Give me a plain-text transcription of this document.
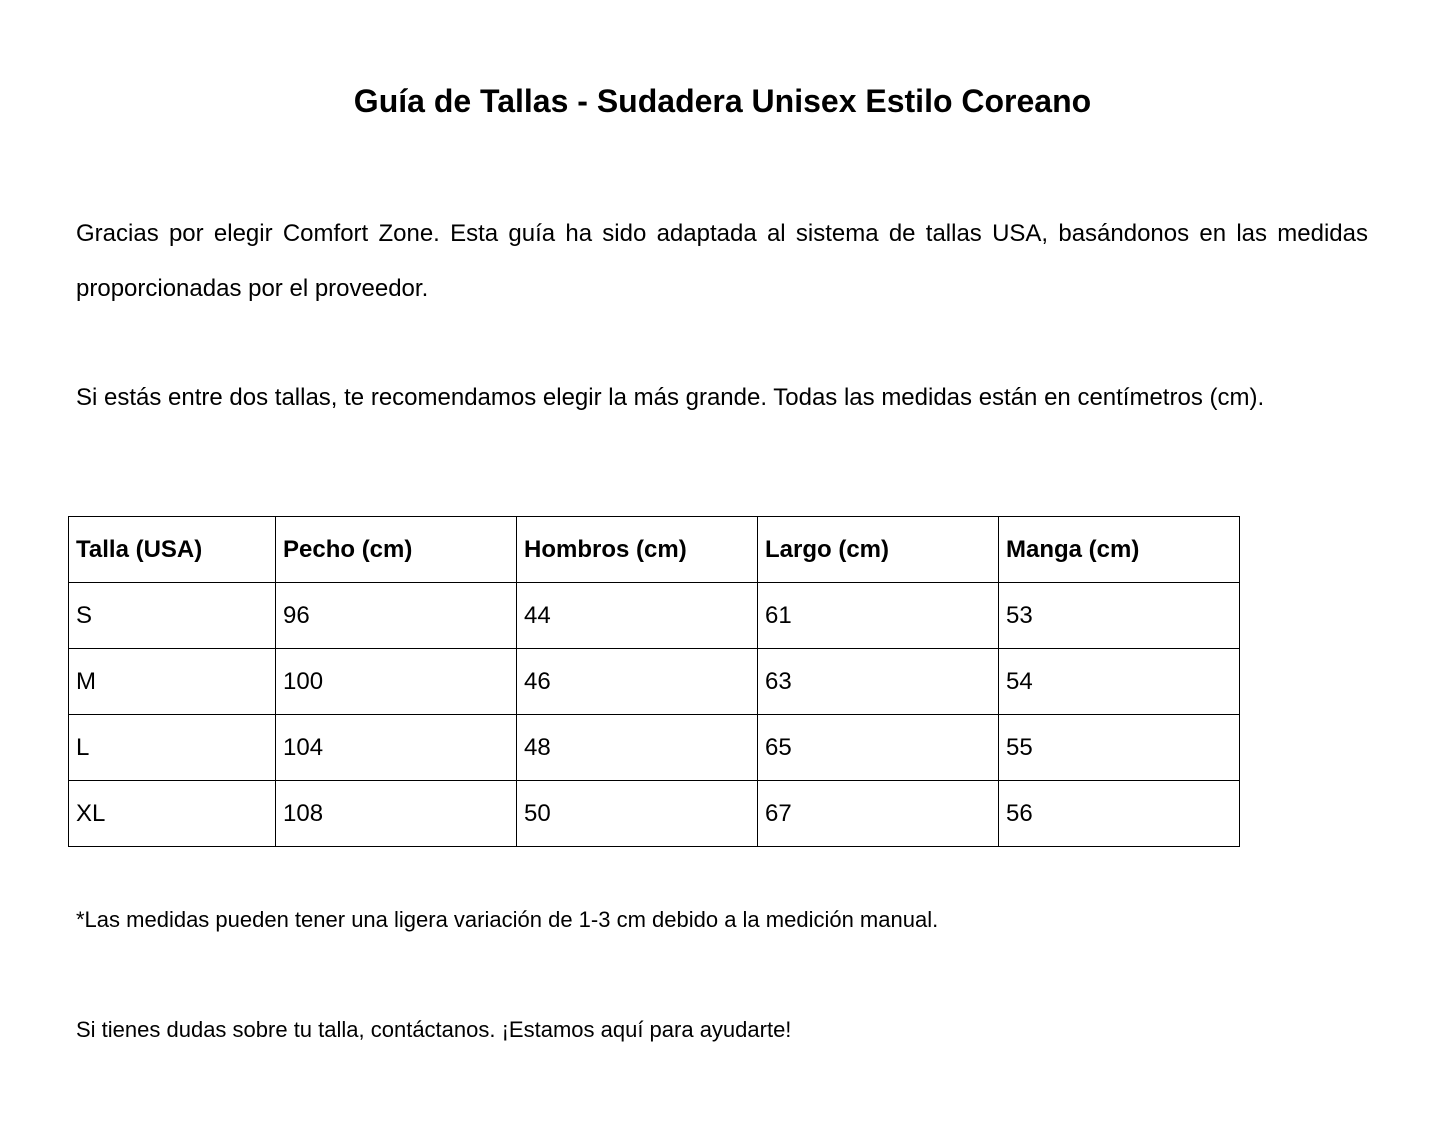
Guía de Tallas - Sudadera Unisex Estilo Coreano

Gracias por elegir Comfort Zone. Esta guía ha sido adaptada al sistema de tallas USA, basándonos en las medidas proporcionadas por el proveedor.

Si estás entre dos tallas, te recomendamos elegir la más grande. Todas las medidas están en centímetros (cm).

Talla (USA)	Pecho (cm)	Hombros (cm)	Largo (cm)	Manga (cm)
S	96	44	61	53
M	100	46	63	54
L	104	48	65	55
XL	108	50	67	56

*Las medidas pueden tener una ligera variación de 1-3 cm debido a la medición manual.

Si tienes dudas sobre tu talla, contáctanos. ¡Estamos aquí para ayudarte!
